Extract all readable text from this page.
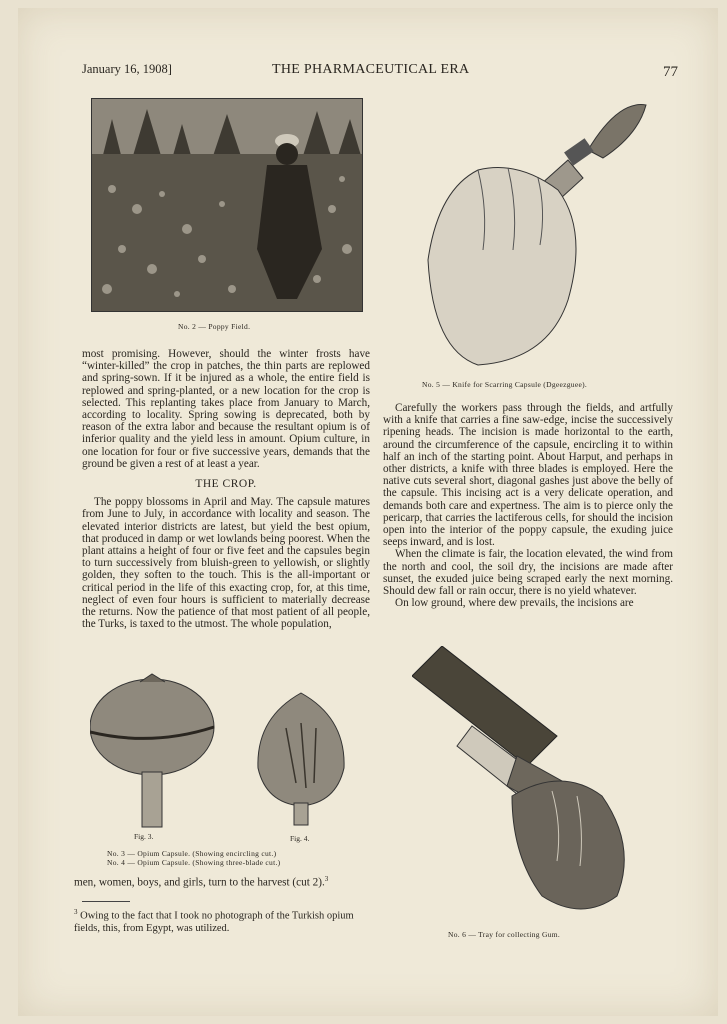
January 16, 1908]	THE PHARMACEUTICAL ERA	77
No. 2 — Poppy Field.
No. 5 — Knife for Scarring Capsule (Dgeezguee).

most promising. However, should the winter frosts have “winter-killed” the crop in patches, the thin parts are replowed and spring-sown. If it be injured as a whole, the entire field is replowed and spring-planted, or a new location for the crop is selected. This replanting takes place from January to March, according to locality. Spring sowing is deprecated, both by reason of the extra labor and because the resultant opium is of inferior quality and the yield less in amount. Opium culture, in one location for four or five successive years, demands that the ground be given a rest of at least a year.

THE CROP.

The poppy blossoms in April and May. The capsule matures from June to July, in accordance with locality and season. The elevated interior districts are latest, but yield the best opium, that produced in damp or wet lowlands being poorest. When the plant attains a height of four or five feet and the capsules begin to turn successively from bluish-green to yellowish, or slightly golden, they soften to the touch. This is the all-important or critical period in the life of this exacting crop, for, at this time, neglect of even four hours is sufficient to materially decrease the returns. Now the patience of that most patient of all people, the Turks, is taxed to the utmost. The whole population,

Fig. 3.	Fig. 4.
No. 3 — Opium Capsule. (Showing encircling cut.)
No. 4 — Opium Capsule. (Showing three-blade cut.)
men, women, boys, and girls, turn to the harvest (cut 2).$^3$
$^3$ Owing to the fact that I took no photograph of the Turkish opium fields, this, from Egypt, was utilized.

Carefully the workers pass through the fields, and artfully with a knife that carries a fine saw-edge, incise the successively ripening heads. The incision is made horizontal to the earth, around the circumference of the capsule, encircling it to within half an inch of the starting point. About Harput, and perhaps in other districts, a knife with three blades is employed. Here the native cuts several short, diagonal gashes just above the belly of the capsule. This incising act is a very delicate operation, and demands both care and expertness. The aim is to pierce only the pericarp, that carries the lactiferous cells, for should the incision open into the interior of the poppy capsule, the exuding juice seeps inward, and is lost.

When the climate is fair, the location elevated, the wind from the north and cool, the soil dry, the incisions are made after sunset, the exuded juice being scraped early the next morning. Should dew fall or rain occur, there is no yield whatever.

On low ground, where dew prevails, the incisions are

No. 6 — Tray for collecting Gum.
